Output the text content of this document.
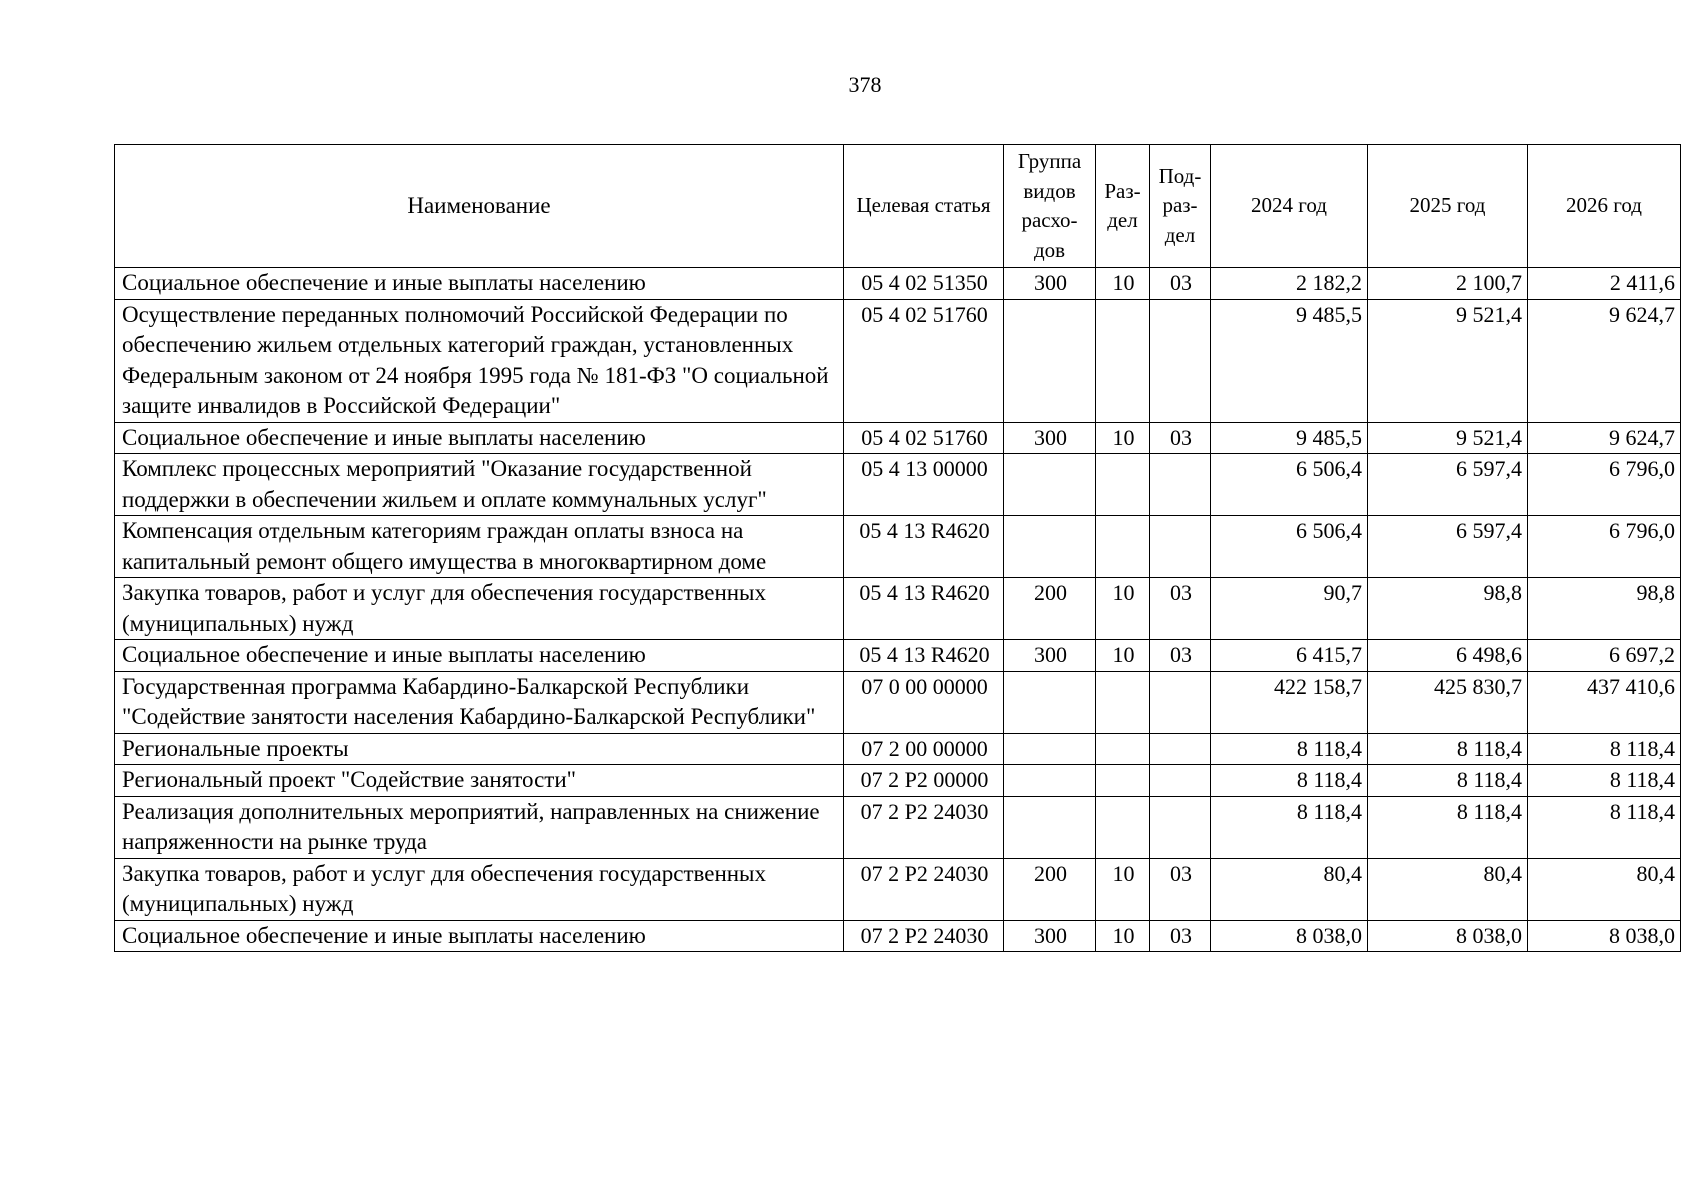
378
Наименование	Целевая статья	Группа видов расхо-дов	Раз-дел	Под-раз-дел	2024 год	2025 год	2026 год
Социальное обеспечение и иные выплаты населению	05 4 02 51350	300	10	03	2 182,2	2 100,7	2 411,6
Осуществление переданных полномочий Российской Федерации по обеспечению жильем отдельных категорий граждан, установленных Федеральным законом от 24 ноября 1995 года № 181-ФЗ "О социальной защите инвалидов в Российской Федерации"	05 4 02 51760				9 485,5	9 521,4	9 624,7
Социальное обеспечение и иные выплаты населению	05 4 02 51760	300	10	03	9 485,5	9 521,4	9 624,7
Комплекс процессных мероприятий "Оказание государственной поддержки в обеспечении жильем и оплате коммунальных услуг"	05 4 13 00000				6 506,4	6 597,4	6 796,0
Компенсация отдельным категориям граждан оплаты взноса на капитальный ремонт общего имущества в многоквартирном доме	05 4 13 R4620				6 506,4	6 597,4	6 796,0
Закупка товаров, работ и услуг для обеспечения государственных (муниципальных) нужд	05 4 13 R4620	200	10	03	90,7	98,8	98,8
Социальное обеспечение и иные выплаты населению	05 4 13 R4620	300	10	03	6 415,7	6 498,6	6 697,2
Государственная программа Кабардино-Балкарской Республики "Содействие занятости населения Кабардино-Балкарской Республики"	07 0 00 00000				422 158,7	425 830,7	437 410,6
Региональные проекты	07 2 00 00000				8 118,4	8 118,4	8 118,4
Региональный проект "Содействие занятости"	07 2 P2 00000				8 118,4	8 118,4	8 118,4
Реализация дополнительных мероприятий, направленных на снижение напряженности на рынке труда	07 2 P2 24030				8 118,4	8 118,4	8 118,4
Закупка товаров, работ и услуг для обеспечения государственных (муниципальных) нужд	07 2 P2 24030	200	10	03	80,4	80,4	80,4
Социальное обеспечение и иные выплаты населению	07 2 P2 24030	300	10	03	8 038,0	8 038,0	8 038,0
